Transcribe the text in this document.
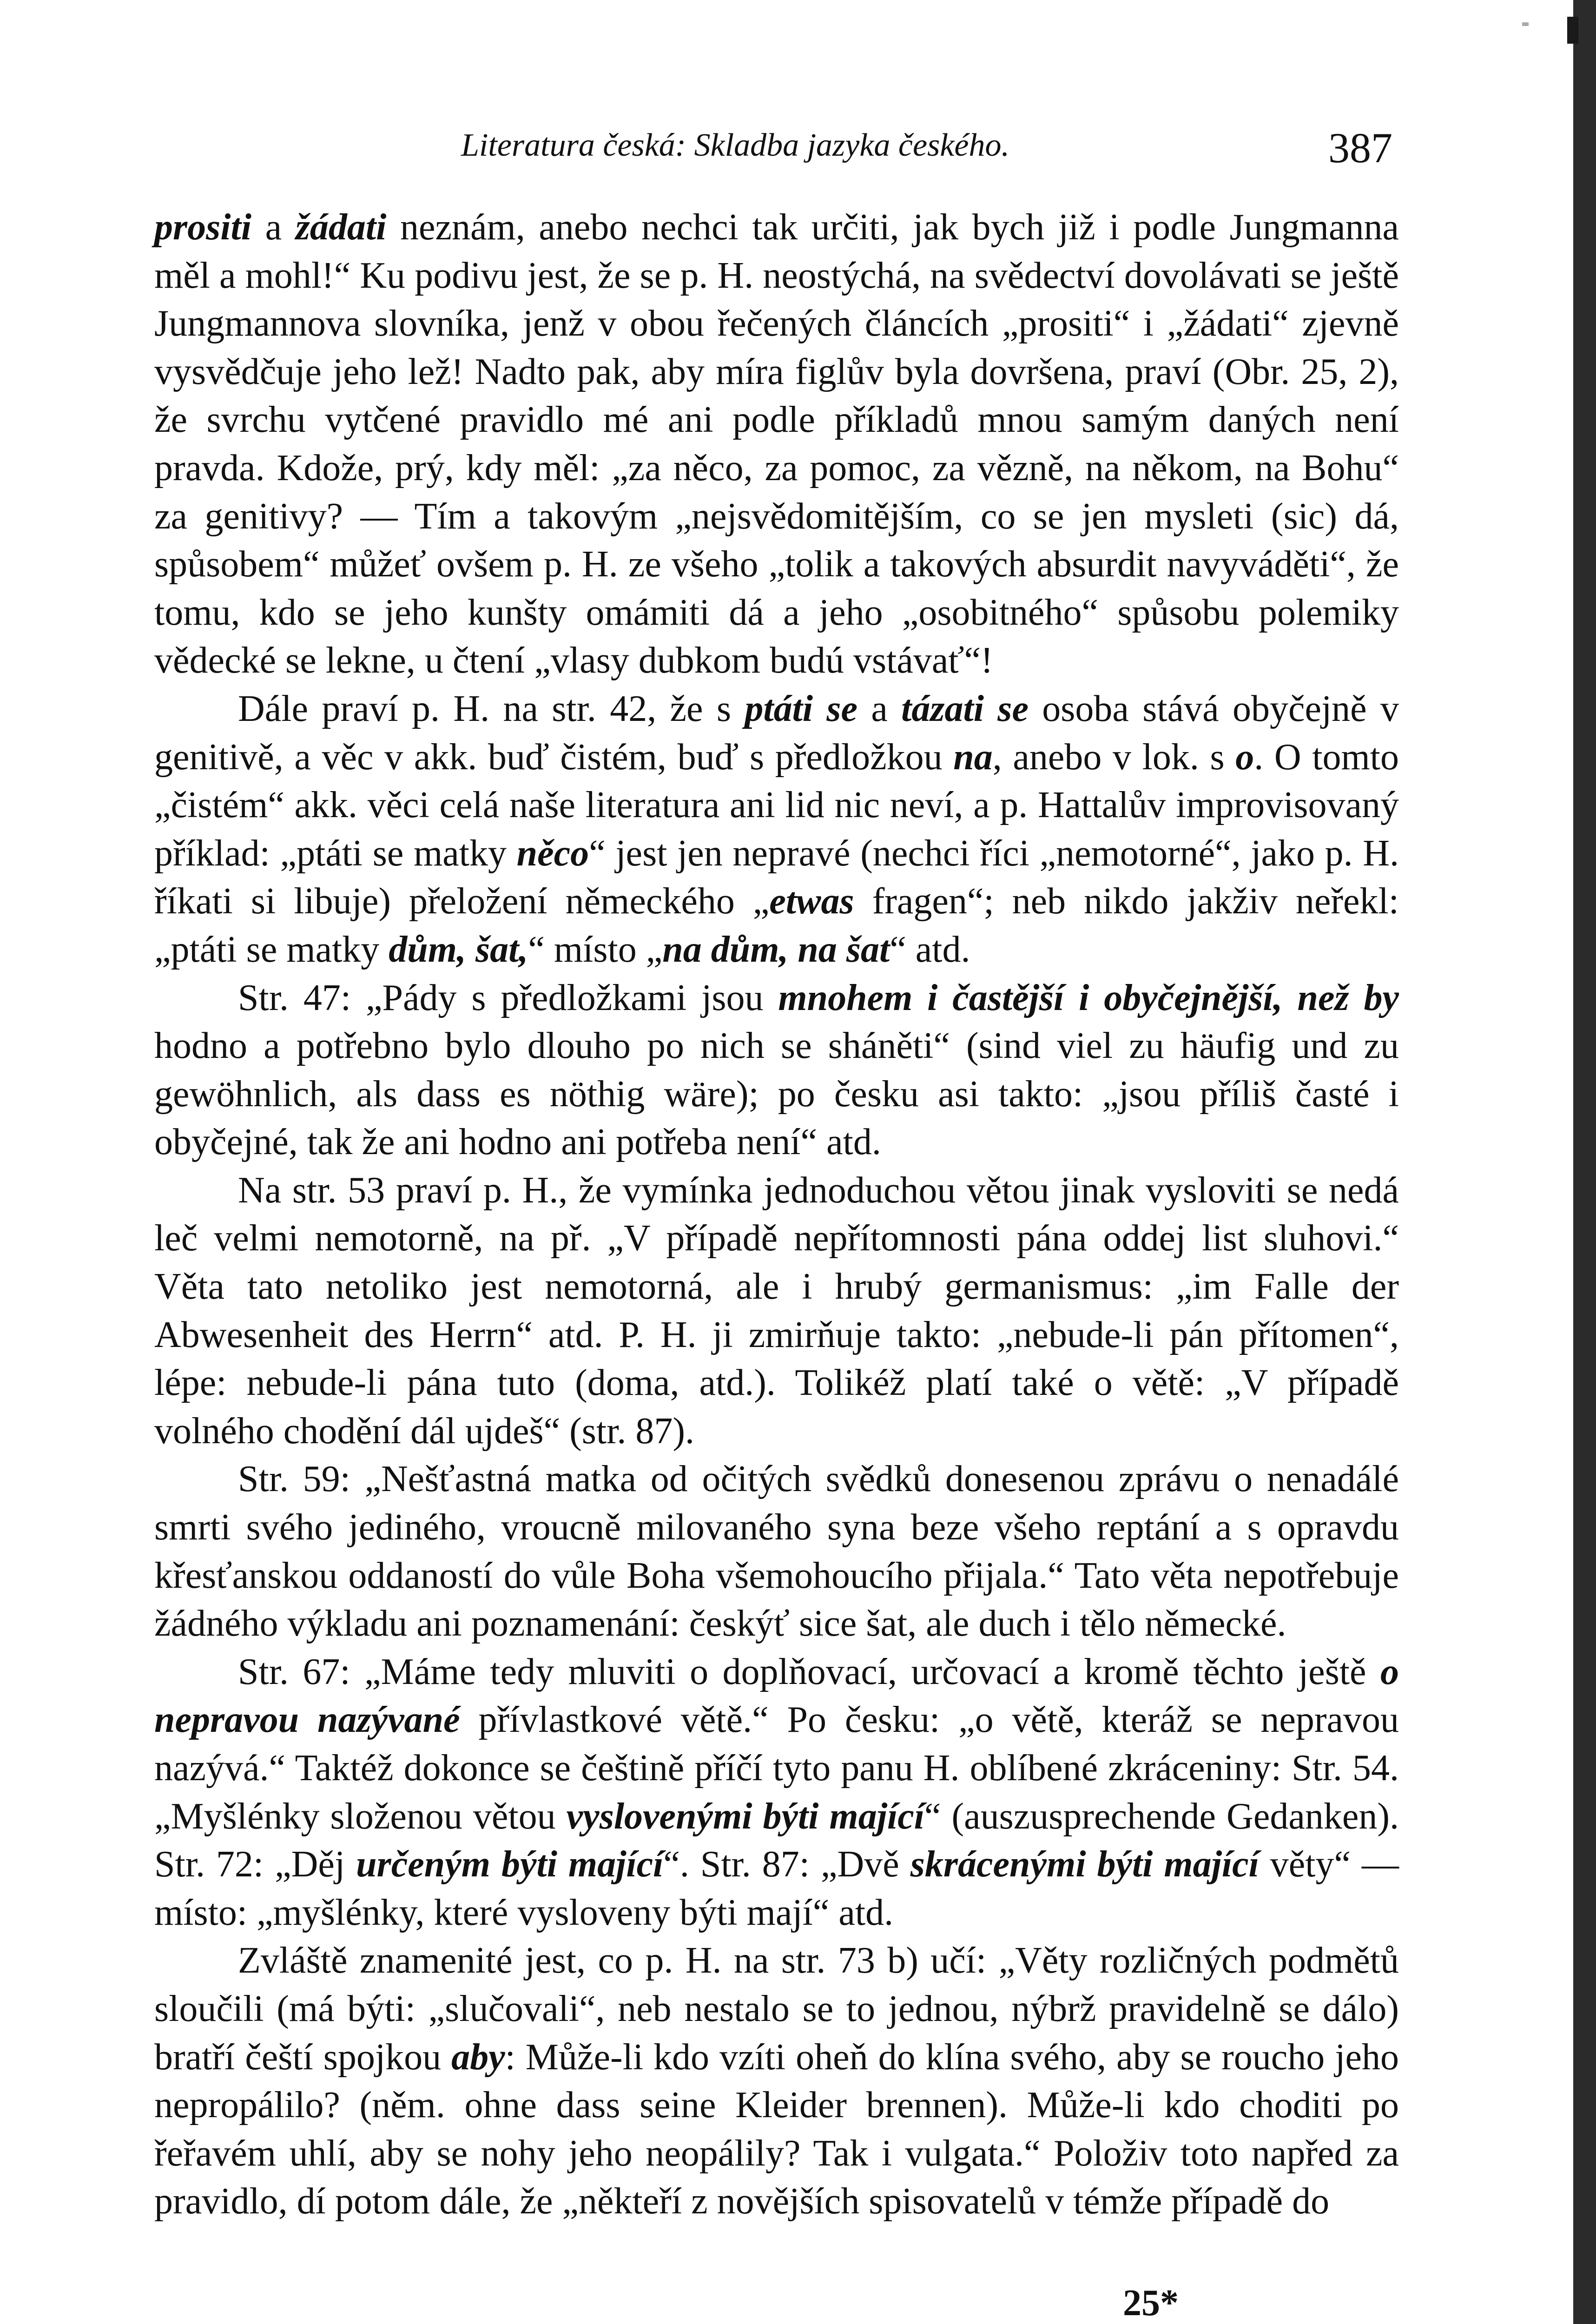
Literatura česká: Skladba jazyka českého.	387

prositi a žádati neznám, anebo nechci tak určiti, jak bych již i podle Jungmanna měl a mohl!“ Ku podivu jest, že se p. H. neostýchá, na svědectví dovolávati se ještě Jungmannova slovníka, jenž v obou řečených článcích „prositi“ i „žádati“ zjevně vysvědčuje jeho lež! Nadto pak, aby míra figlův byla dovršena, praví (Obr. 25, 2), že svrchu vytčené pravidlo mé ani podle příkladů mnou samým daných není pravda. Kdože, prý, kdy měl: „za něco, za pomoc, za vězně, na někom, na Bohu“ za genitivy? — Tím a takovým „nejsvědomitějším, co se jen mysleti (sic) dá, spůsobem“ můžeť ovšem p. H. ze všeho „tolik a takových absurdit navyváděti“, že tomu, kdo se jeho kunšty omámiti dá a jeho „osobitného“ spůsobu polemiky vědecké se lekne, u čtení „vlasy dubkom budú vstávať“!

Dále praví p. H. na str. 42, že s ptáti se a tázati se osoba stává obyčejně v genitivě, a věc v akk. buď čistém, buď s předložkou na, anebo v lok. s o. O tomto „čistém“ akk. věci celá naše literatura ani lid nic neví, a p. Hattalův improvisovaný příklad: „ptáti se matky něco“ jest jen nepravé (nechci říci „nemotorné“, jako p. H. říkati si libuje) přeložení německého „etwas fragen“; neb nikdo jakživ neřekl: „ptáti se matky dům, šat,“ místo „na dům, na šat“ atd.

Str. 47: „Pády s předložkami jsou mnohem i častější i obyčejnější, než by hodno a potřebno bylo dlouho po nich se sháněti“ (sind viel zu häufig und zu gewöhnlich, als dass es nöthig wäre); po česku asi takto: „jsou příliš časté i obyčejné, tak že ani hodno ani potřeba není“ atd.

Na str. 53 praví p. H., že vymínka jednoduchou větou jinak vysloviti se nedá leč velmi nemotorně, na př. „V případě nepřítomnosti pána oddej list sluhovi.“ Věta tato netoliko jest nemotorná, ale i hrubý germanismus: „im Falle der Abwesenheit des Herrn“ atd. P. H. ji zmirňuje takto: „nebude-li pán přítomen“, lépe: nebude-li pána tuto (doma, atd.). Tolikéž platí také o větě: „V případě volného chodění dál ujdeš“ (str. 87).

Str. 59: „Nešťastná matka od očitých svědků donesenou zprávu o nenadálé smrti svého jediného, vroucně milovaného syna beze všeho reptání a s opravdu křesťanskou oddaností do vůle Boha všemohoucího přijala.“ Tato věta nepotřebuje žádného výkladu ani poznamenání: českýť sice šat, ale duch i tělo německé.

Str. 67: „Máme tedy mluviti o doplňovací, určovací a kromě těchto ještě o nepravou nazývané přívlastkové větě.“ Po česku: „o větě, kteráž se nepravou nazývá.“ Taktéž dokonce se češtině příčí tyto panu H. oblíbené zkráceniny: Str. 54. „Myšlénky složenou větou vyslovenými býti mající“ (auszusprechende Gedanken). Str. 72: „Děj určeným býti mající“. Str. 87: „Dvě skrácenými býti mající věty“ — místo: „myšlénky, které vysloveny býti mají“ atd.

Zvláště znamenité jest, co p. H. na str. 73 b) učí: „Věty rozličných podmětů sloučili (má býti: „slučovali“, neb nestalo se to jednou, nýbrž pravidelně se dálo) bratří čeští spojkou aby: Může-li kdo vzíti oheň do klína svého, aby se roucho jeho nepropálilo? (něm. ohne dass seine Kleider brennen). Může-li kdo choditi po řeřavém uhlí, aby se nohy jeho neopálily? Tak i vulgata.“ Položiv toto napřed za pravidlo, dí potom dále, že „někteří z novějších spisovatelů v témže případě do

25*
